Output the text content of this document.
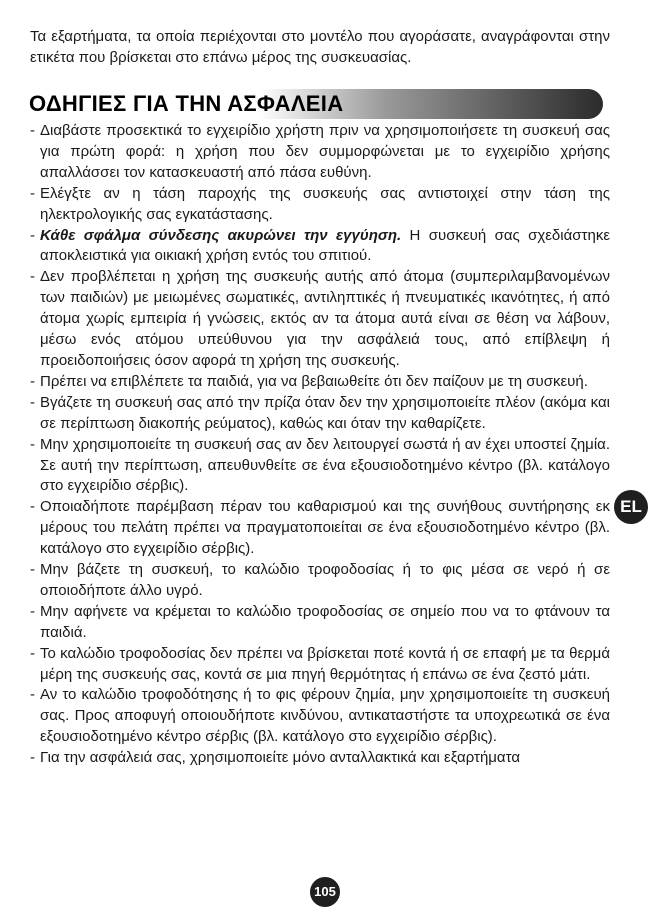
Τα εξαρτήματα, τα οποία περιέχονται στο μοντέλο που αγοράσατε, αναγράφονται στην ετικέτα που βρίσκεται στο επάνω μέρος της συσκευασίας.

ΟΔΗΓΙΕΣ ΓΙΑ ΤΗΝ ΑΣΦΑΛΕΙΑ
- Διαβάστε προσεκτικά το εγχειρίδιο χρήστη πριν να χρησιμοποιήσετε τη συσκευή σας για πρώτη φορά: η χρήση που δεν συμμορφώνεται με το εγχειρίδιο χρήσης απαλλάσσει τον κατασκευαστή από πάσα ευθύνη.
- Ελέγξτε αν η τάση παροχής της συσκευής σας αντιστοιχεί στην τάση της ηλεκτρολογικής σας εγκατάστασης.
- Κάθε σφάλμα σύνδεσης ακυρώνει την εγγύηση. Η συσκευή σας σχεδιάστηκε αποκλειστικά για οικιακή χρήση εντός του σπιτιού.
- Δεν προβλέπεται η χρήση της συσκευής αυτής από άτομα (συμπεριλαμβανομένων των παιδιών) με μειωμένες σωματικές, αντιληπτικές ή πνευματικές ικανότητες, ή από άτομα χωρίς εμπειρία ή γνώσεις, εκτός αν τα άτομα αυτά είναι σε θέση να λάβουν, μέσω ενός ατόμου υπεύθυνου για την ασφάλειά τους, από επίβλεψη ή προειδοποιήσεις όσον αφορά τη χρήση της συσκευής.
- Πρέπει να επιβλέπετε τα παιδιά, για να βεβαιωθείτε ότι δεν παίζουν με τη συσκευή.
- Βγάζετε τη συσκευή σας από την πρίζα όταν δεν την χρησιμοποιείτε πλέον (ακόμα και σε περίπτωση διακοπής ρεύματος), καθώς και όταν την καθαρίζετε.
- Μην χρησιμοποιείτε τη συσκευή σας αν δεν λειτουργεί σωστά ή αν έχει υποστεί ζημία. Σε αυτή την περίπτωση, απευθυνθείτε σε ένα εξουσιοδοτημένο κέντρο (βλ. κατάλογο στο εγχειρίδιο σέρβις).
- Οποιαδήποτε παρέμβαση πέραν του καθαρισμού και της συνήθους συντήρησης εκ μέρους του πελάτη πρέπει να πραγματοποιείται σε ένα εξουσιοδοτημένο κέντρο (βλ. κατάλογο στο εγχειρίδιο σέρβις).
- Μην βάζετε τη συσκευή, το καλώδιο τροφοδοσίας ή το φις μέσα σε νερό ή σε οποιοδήποτε άλλο υγρό.
- Μην αφήνετε να κρέμεται το καλώδιο τροφοδοσίας σε σημείο που να το φτάνουν τα παιδιά.
- Το καλώδιο τροφοδοσίας δεν πρέπει να βρίσκεται ποτέ κοντά ή σε επαφή με τα θερμά μέρη της συσκευής σας, κοντά σε μια πηγή θερμότητας ή επάνω σε ένα ζεστό μάτι.
- Αν το καλώδιο τροφοδότησης ή το φις φέρουν ζημία, μην χρησιμοποιείτε τη συσκευή σας. Προς αποφυγή οποιουδήποτε κινδύνου, αντικαταστήστε τα υποχρεωτικά σε ένα εξουσιοδοτημένο κέντρο σέρβις (βλ. κατάλογο στο εγχειρίδιο σέρβις).
- Για την ασφάλειά σας, χρησιμοποιείτε μόνο ανταλλακτικά και εξαρτήματα
EL
105
